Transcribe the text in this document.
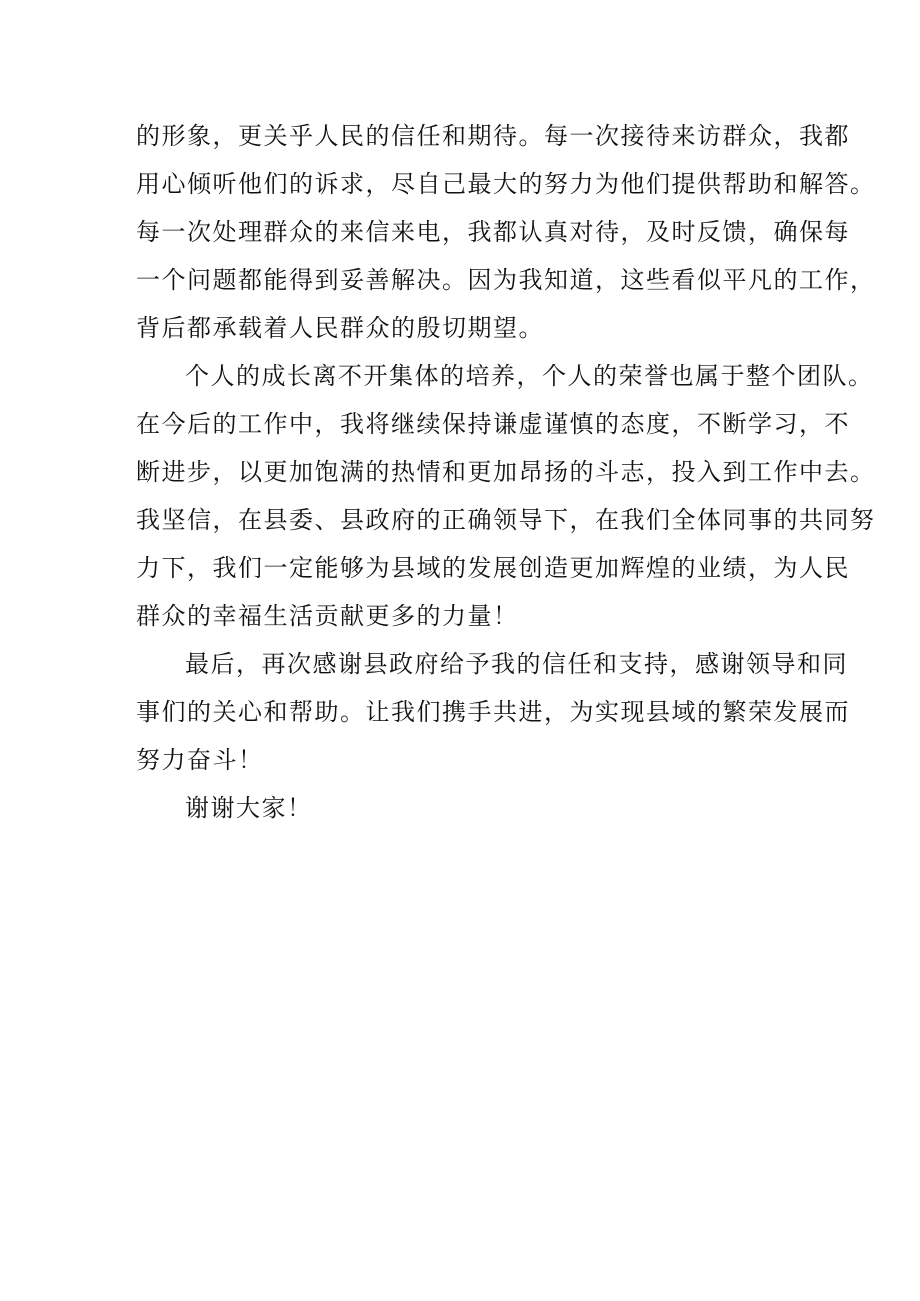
的形象，更关乎人民的信任和期待。每一次接待来访群众，我都
用心倾听他们的诉求，尽自己最大的努力为他们提供帮助和解答。
每一次处理群众的来信来电，我都认真对待，及时反馈，确保每
一个问题都能得到妥善解决。因为我知道，这些看似平凡的工作，
背后都承载着人民群众的殷切期望。
个人的成长离不开集体的培养，个人的荣誉也属于整个团队。
在今后的工作中，我将继续保持谦虚谨慎的态度，不断学习，不
断进步，以更加饱满的热情和更加昂扬的斗志，投入到工作中去。
我坚信，在县委、县政府的正确领导下，在我们全体同事的共同努
力下，我们一定能够为县域的发展创造更加辉煌的业绩，为人民
群众的幸福生活贡献更多的力量！
最后，再次感谢县政府给予我的信任和支持，感谢领导和同
事们的关心和帮助。让我们携手共进，为实现县域的繁荣发展而
努力奋斗！
谢谢大家！
